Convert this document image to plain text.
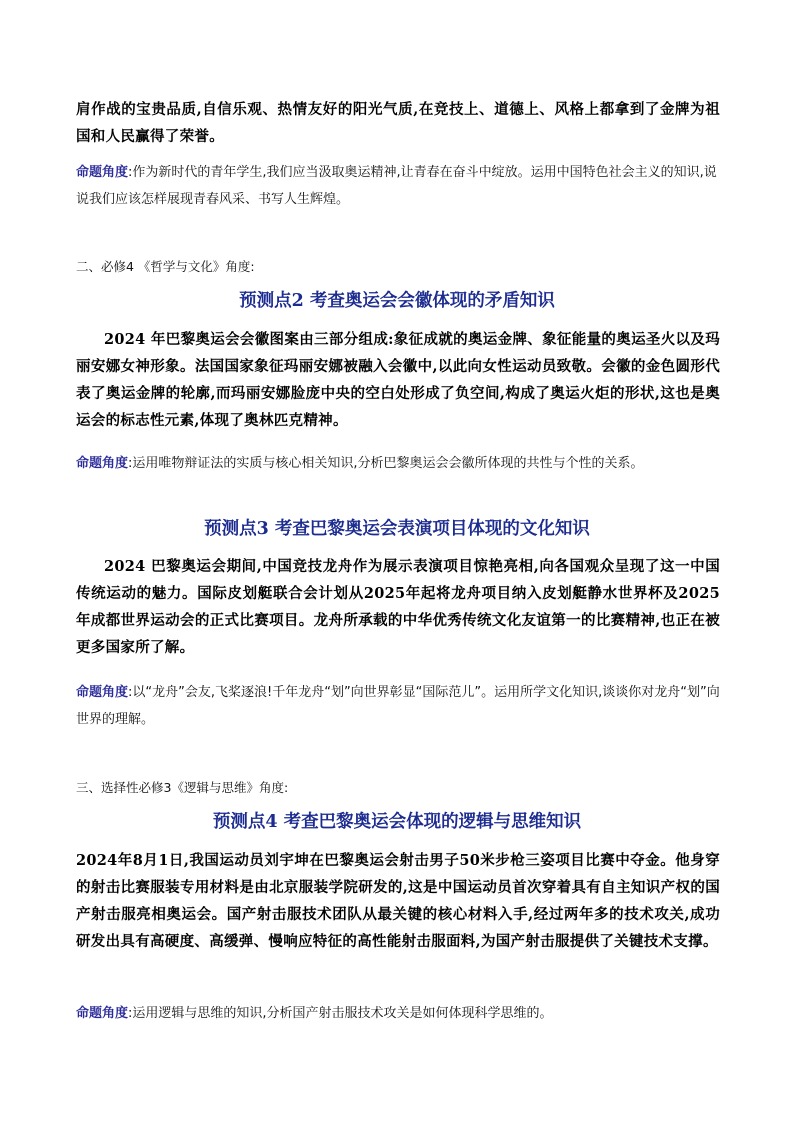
肩作战的宝贵品质,自信乐观、热情友好的阳光气质,在竞技上、道德上、风格上都拿到了金牌为祖国和人民赢得了荣誉。
命题角度:作为新时代的青年学生,我们应当汲取奥运精神,让青春在奋斗中绽放。运用中国特色社会主义的知识,说说我们应该怎样展现青春风采、书写人生辉煌。
二、必修4 《哲学与文化》角度:
预测点2 考查奥运会会徽体现的矛盾知识
2024 年巴黎奥运会会徽图案由三部分组成:象征成就的奥运金牌、象征能量的奥运圣火以及玛丽安娜女神形象。法国国家象征玛丽安娜被融入会徽中,以此向女性运动员致敬。会徽的金色圆形代表了奥运金牌的轮廓,而玛丽安娜脸庞中央的空白处形成了负空间,构成了奥运火炬的形状,这也是奥运会的标志性元素,体现了奥林匹克精神。
命题角度:运用唯物辩证法的实质与核心相关知识,分析巴黎奥运会会徽所体现的共性与个性的关系。
预测点3 考查巴黎奥运会表演项目体现的文化知识
2024 巴黎奥运会期间,中国竞技龙舟作为展示表演项目惊艳亮相,向各国观众呈现了这一中国传统运动的魅力。国际皮划艇联合会计划从2025年起将龙舟项目纳入皮划艇静水世界杯及2025年成都世界运动会的正式比赛项目。龙舟所承载的中华优秀传统文化友谊第一的比赛精神,也正在被更多国家所了解。
命题角度:以“龙舟”会友,飞桨逐浪!千年龙舟“划”向世界彰显“国际范儿”。运用所学文化知识,谈谈你对龙舟“划”向世界的理解。
三、选择性必修3《逻辑与思维》角度:
预测点4 考查巴黎奥运会体现的逻辑与思维知识
2024年8月1日,我国运动员刘宇坤在巴黎奥运会射击男子50米步枪三姿项目比赛中夺金。他身穿的射击比赛服装专用材料是由北京服装学院研发的,这是中国运动员首次穿着具有自主知识产权的国产射击服亮相奥运会。国产射击服技术团队从最关键的核心材料入手,经过两年多的技术攻关,成功研发出具有高硬度、高缓弹、慢响应特征的高性能射击服面料,为国产射击服提供了关键技术支撑。
命题角度:运用逻辑与思维的知识,分析国产射击服技术攻关是如何体现科学思维的。
